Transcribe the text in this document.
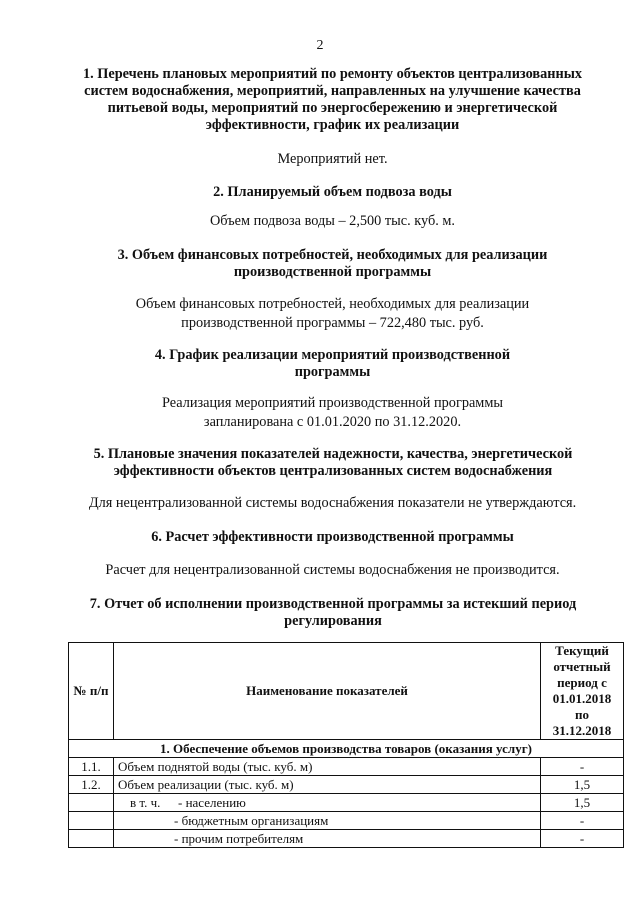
2
1. Перечень плановых мероприятий по ремонту объектов централизованных систем водоснабжения, мероприятий, направленных на улучшение качества питьевой воды, мероприятий по энергосбережению и энергетической эффективности, график их реализации
Мероприятий нет.
2. Планируемый объем подвоза воды
Объем подвоза воды – 2,500 тыс. куб. м.
3. Объем финансовых потребностей, необходимых для реализации производственной программы
Объем финансовых потребностей, необходимых для реализации производственной программы – 722,480 тыс. руб.
4. График реализации мероприятий производственной программы
Реализация мероприятий производственной программы запланирована с 01.01.2020 по 31.12.2020.
5. Плановые значения показателей надежности, качества, энергетической эффективности объектов централизованных систем водоснабжения
Для нецентрализованной системы водоснабжения показатели не утверждаются.
6. Расчет эффективности производственной программы
Расчет для нецентрализованной системы водоснабжения не производится.
7. Отчет об исполнении производственной программы за истекший период регулирования
№ п/п	Наименование показателей	Текущий отчетный период с 01.01.2018 по 31.12.2018
1. Обеспечение объемов производства товаров (оказания услуг)		
1.1.	Объем поднятой воды (тыс. куб. м)	-
1.2.	Объем реализации (тыс. куб. м)	1,5
	в т. ч. - населению	1,5
	- бюджетным организациям	-
	- прочим потребителям	-
